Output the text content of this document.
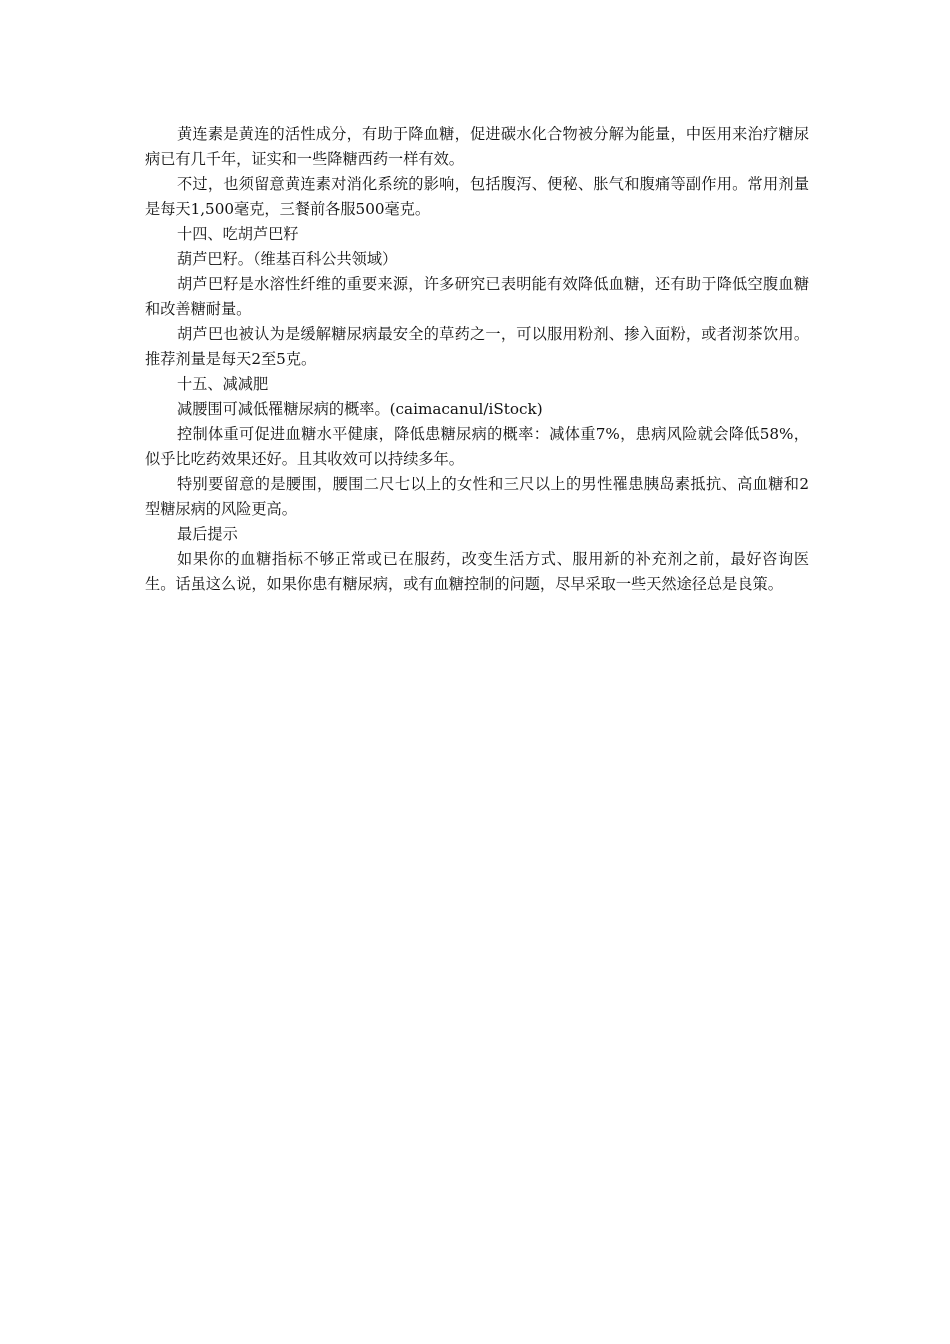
黄连素是黄连的活性成分，有助于降血糖，促进碳水化合物被分解为能量，中医用来治疗糖尿病已有几千年，证实和一些降糖西药一样有效。

不过，也须留意黄连素对消化系统的影响，包括腹泻、便秘、胀气和腹痛等副作用。常用剂量是每天1,500毫克，三餐前各服500毫克。

十四、吃胡芦巴籽

葫芦巴籽。（维基百科公共领域）

胡芦巴籽是水溶性纤维的重要来源，许多研究已表明能有效降低血糖，还有助于降低空腹血糖和改善糖耐量。

胡芦巴也被认为是缓解糖尿病最安全的草药之一，可以服用粉剂、掺入面粉，或者沏茶饮用。推荐剂量是每天2至5克。

十五、减减肥

减腰围可减低罹糖尿病的概率。(caimacanul/iStock)

控制体重可促进血糖水平健康，降低患糖尿病的概率：减体重7%，患病风险就会降低58%，似乎比吃药效果还好。且其收效可以持续多年。

特别要留意的是腰围，腰围二尺七以上的女性和三尺以上的男性罹患胰岛素抵抗、高血糖和2型糖尿病的风险更高。

最后提示

如果你的血糖指标不够正常或已在服药，改变生活方式、服用新的补充剂之前，最好咨询医生。话虽这么说，如果你患有糖尿病，或有血糖控制的问题，尽早采取一些天然途径总是良策。
